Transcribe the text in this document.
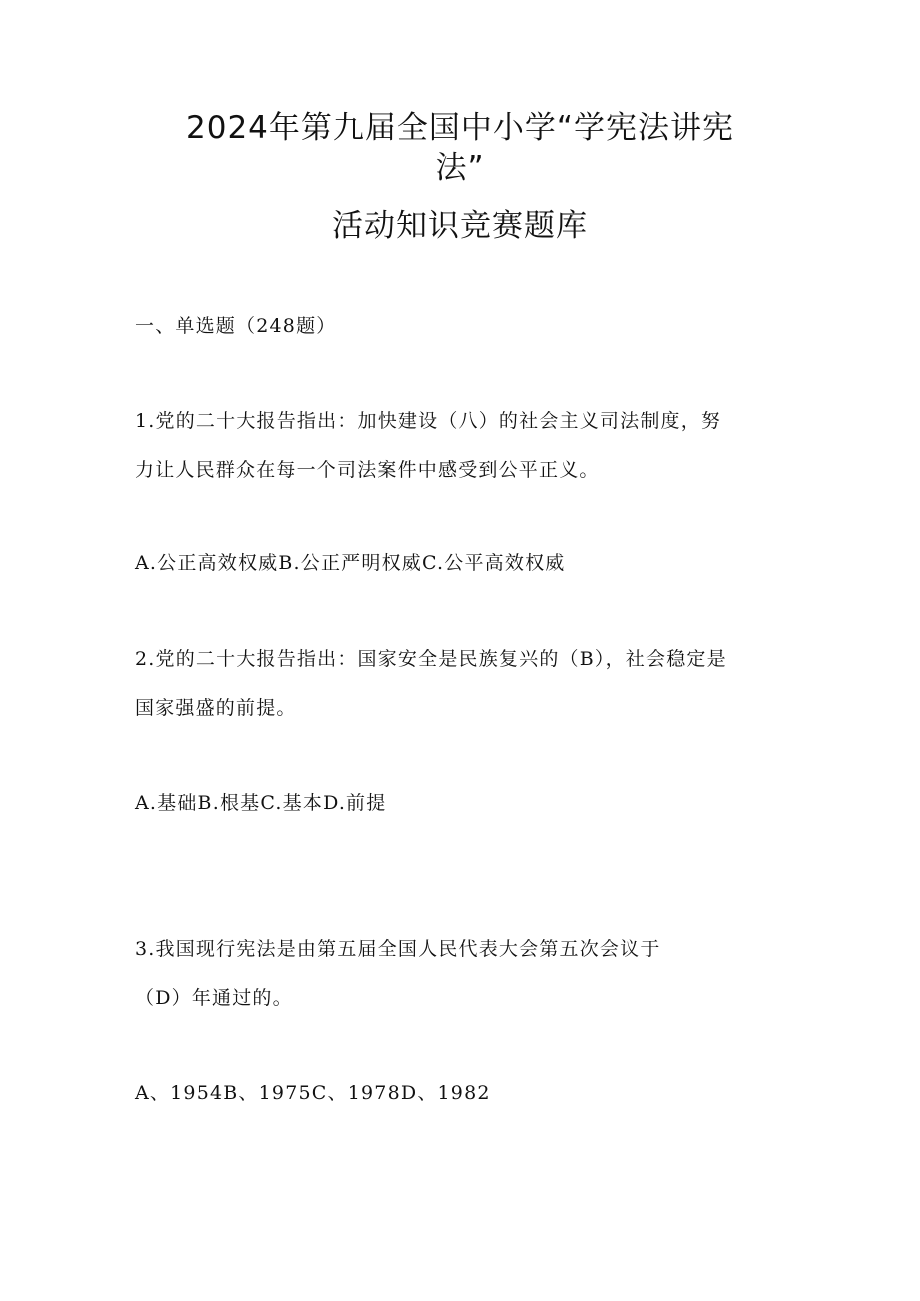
2024年第九届全国中小学“学宪法讲宪
法”
活动知识竞赛题库
一、单选题（248题）
1.党的二十大报告指出：加快建设（八）的社会主义司法制度，努
力让人民群众在每一个司法案件中感受到公平正义。
A.公正高效权威B.公正严明权威C.公平高效权威
2.党的二十大报告指出：国家安全是民族复兴的（B），社会稳定是
国家强盛的前提。
A.基础B.根基C.基本D.前提
3.我国现行宪法是由第五届全国人民代表大会第五次会议于
（D）年通过的。
A、1954B、1975C、1978D、1982
